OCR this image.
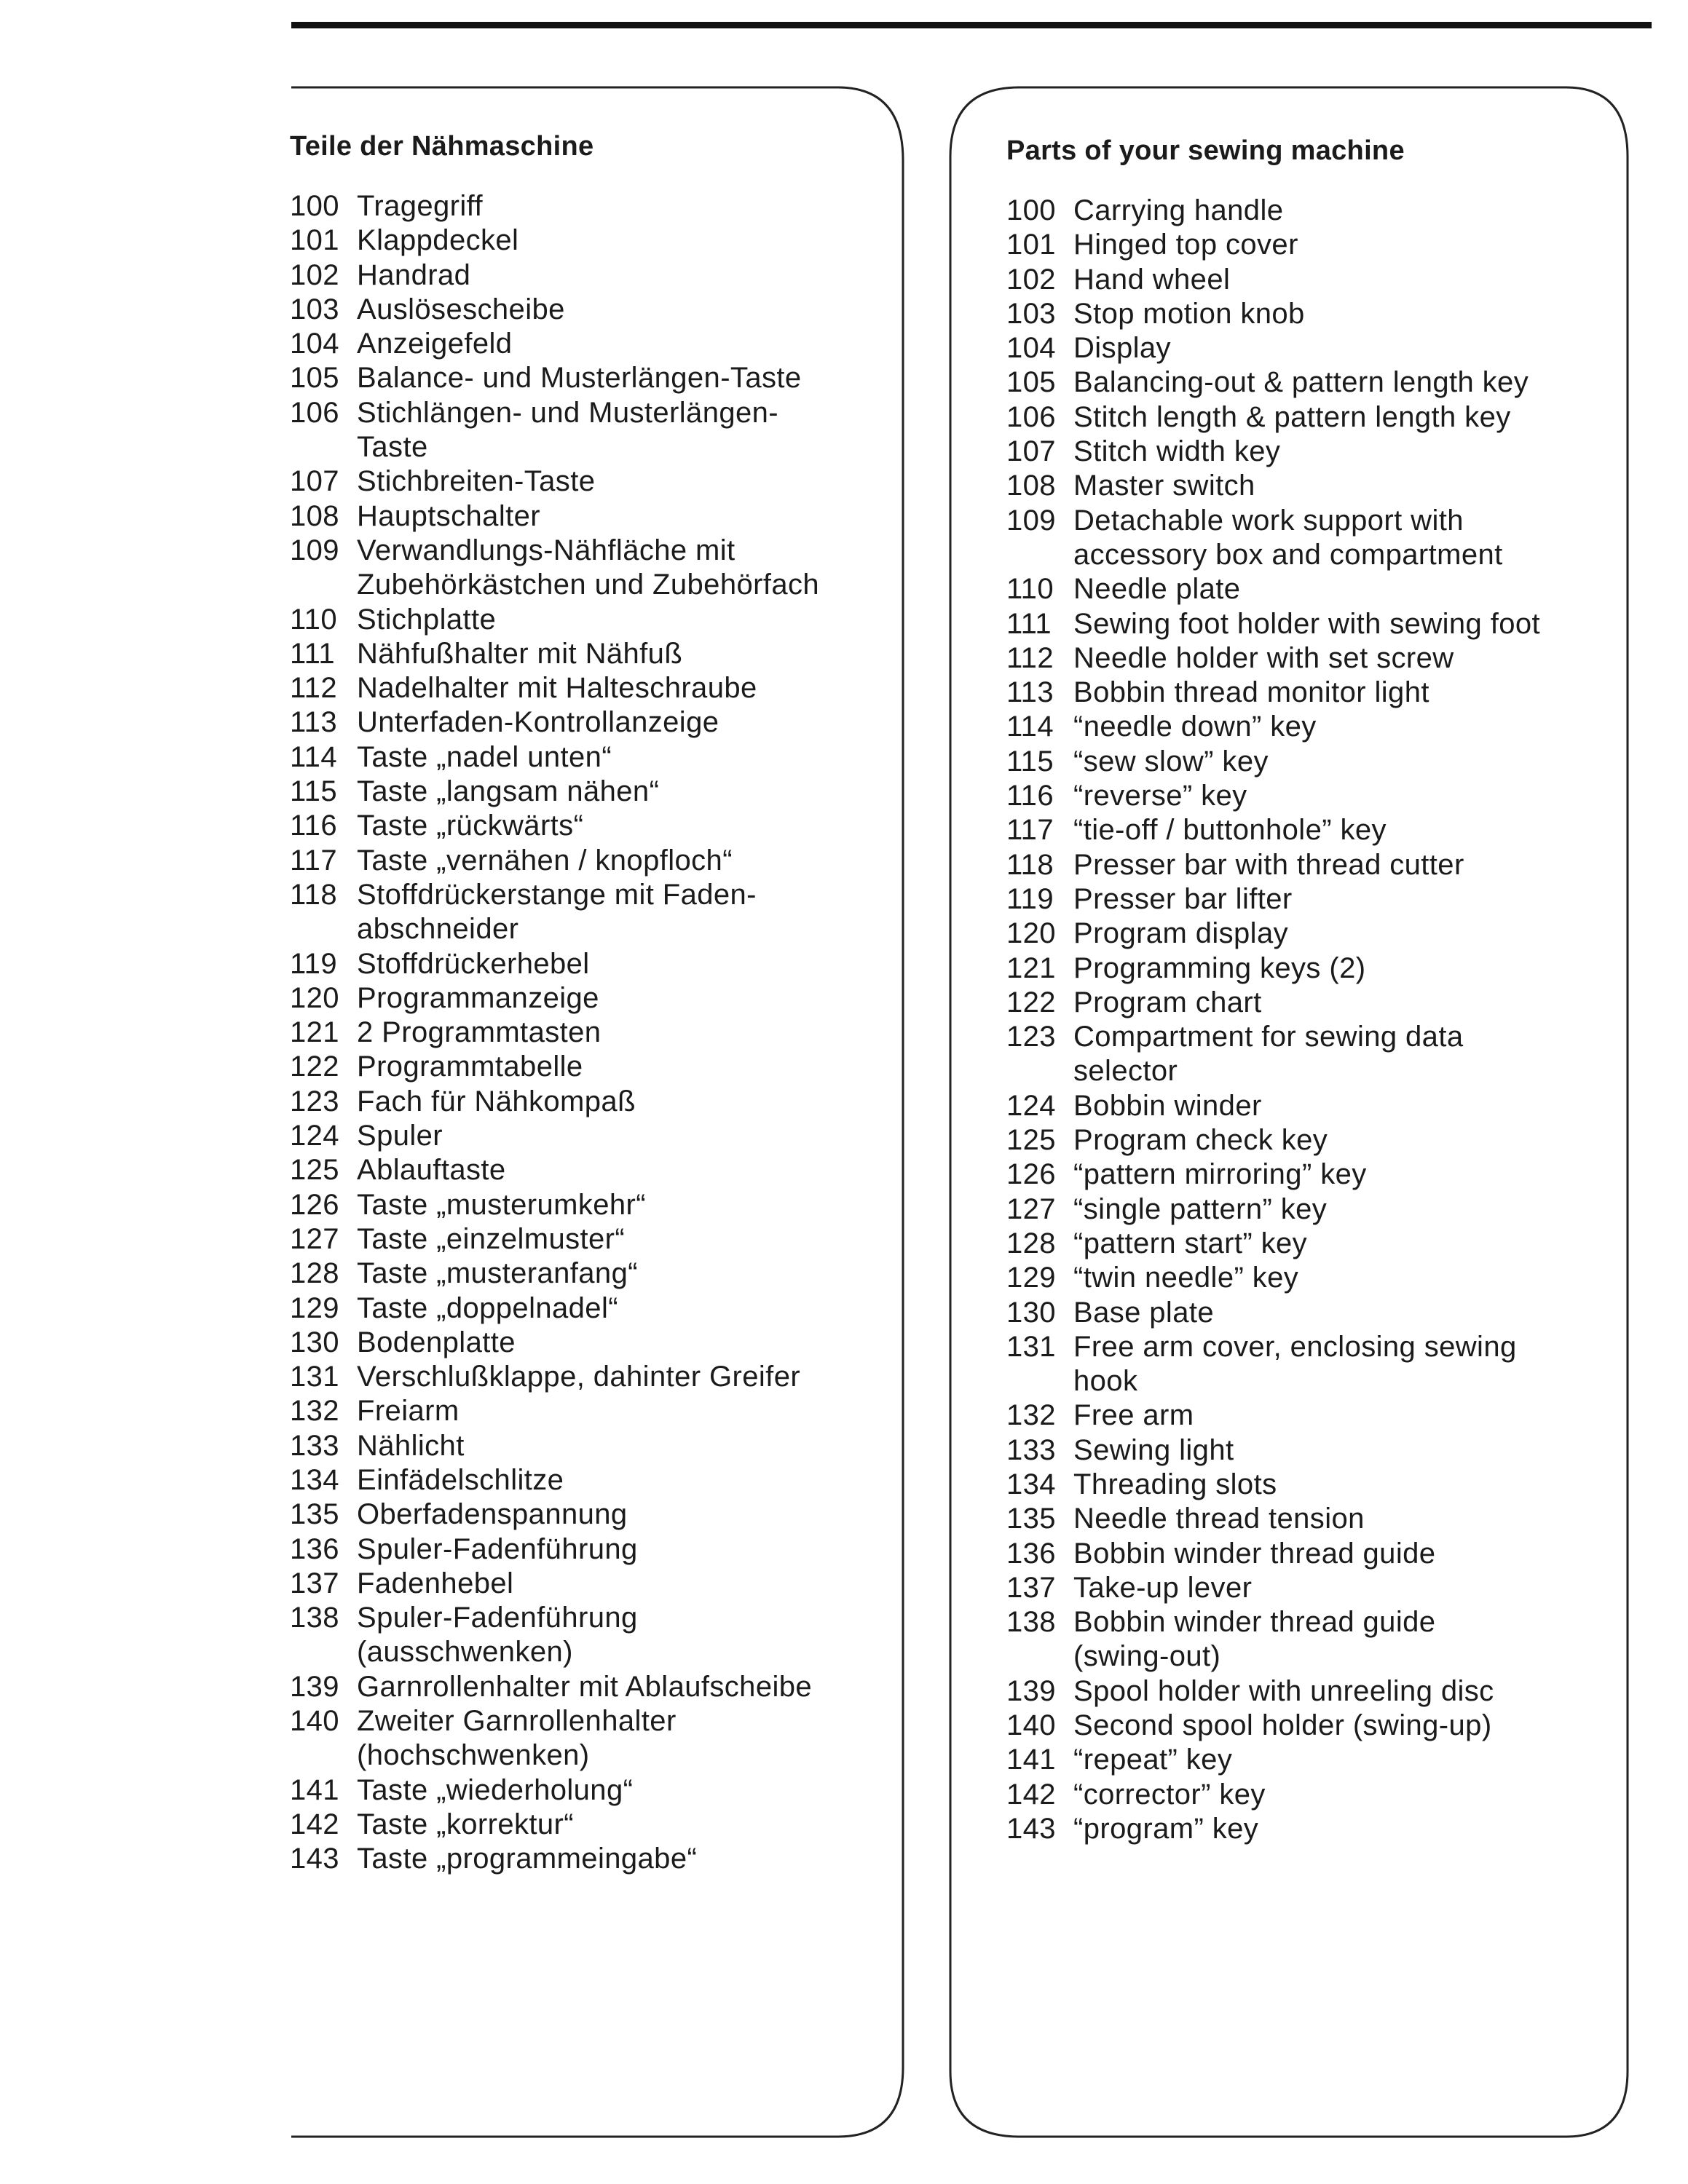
Teile der Nähmaschine
100 Tragegriff
101 Klappdeckel
102 Handrad
103 Auslösescheibe
104 Anzeigefeld
105 Balance- und Musterlängen-Taste
106 Stichlängen- und Musterlängen-
Taste
107 Stichbreiten-Taste
108 Hauptschalter
109 Verwandlungs-Nähfläche mit
Zubehörkästchen und Zubehörfach
110 Stichplatte
111 Nähfußhalter mit Nähfuß
112 Nadelhalter mit Halteschraube
113 Unterfaden-Kontrollanzeige
114 Taste „nadel unten“
115 Taste „langsam nähen“
116 Taste „rückwärts“
117 Taste „vernähen / knopfloch“
118 Stoffdrückerstange mit Faden-
abschneider
119 Stoffdrückerhebel
120 Programmanzeige
121 2 Programmtasten
122 Programmtabelle
123 Fach für Nähkompaß
124 Spuler
125 Ablauftaste
126 Taste „musterumkehr“
127 Taste „einzelmuster“
128 Taste „musteranfang“
129 Taste „doppelnadel“
130 Bodenplatte
131 Verschlußklappe, dahinter Greifer
132 Freiarm
133 Nählicht
134 Einfädelschlitze
135 Oberfadenspannung
136 Spuler-Fadenführung
137 Fadenhebel
138 Spuler-Fadenführung
(ausschwenken)
139 Garnrollenhalter mit Ablaufscheibe
140 Zweiter Garnrollenhalter
(hochschwenken)
141 Taste „wiederholung“
142 Taste „korrektur“
143 Taste „programmeingabe“
Parts of your sewing machine
100 Carrying handle
101 Hinged top cover
102 Hand wheel
103 Stop motion knob
104 Display
105 Balancing-out & pattern length key
106 Stitch length & pattern length key
107 Stitch width key
108 Master switch
109 Detachable work support with
accessory box and compartment
110 Needle plate
111 Sewing foot holder with sewing foot
112 Needle holder with set screw
113 Bobbin thread monitor light
114 “needle down” key
115 “sew slow” key
116 “reverse” key
117 “tie-off / buttonhole” key
118 Presser bar with thread cutter
119 Presser bar lifter
120 Program display
121 Programming keys (2)
122 Program chart
123 Compartment for sewing data
selector
124 Bobbin winder
125 Program check key
126 “pattern mirroring” key
127 “single pattern” key
128 “pattern start” key
129 “twin needle” key
130 Base plate
131 Free arm cover, enclosing sewing
hook
132 Free arm
133 Sewing light
134 Threading slots
135 Needle thread tension
136 Bobbin winder thread guide
137 Take-up lever
138 Bobbin winder thread guide
(swing-out)
139 Spool holder with unreeling disc
140 Second spool holder (swing-up)
141 “repeat” key
142 “corrector” key
143 “program” key
